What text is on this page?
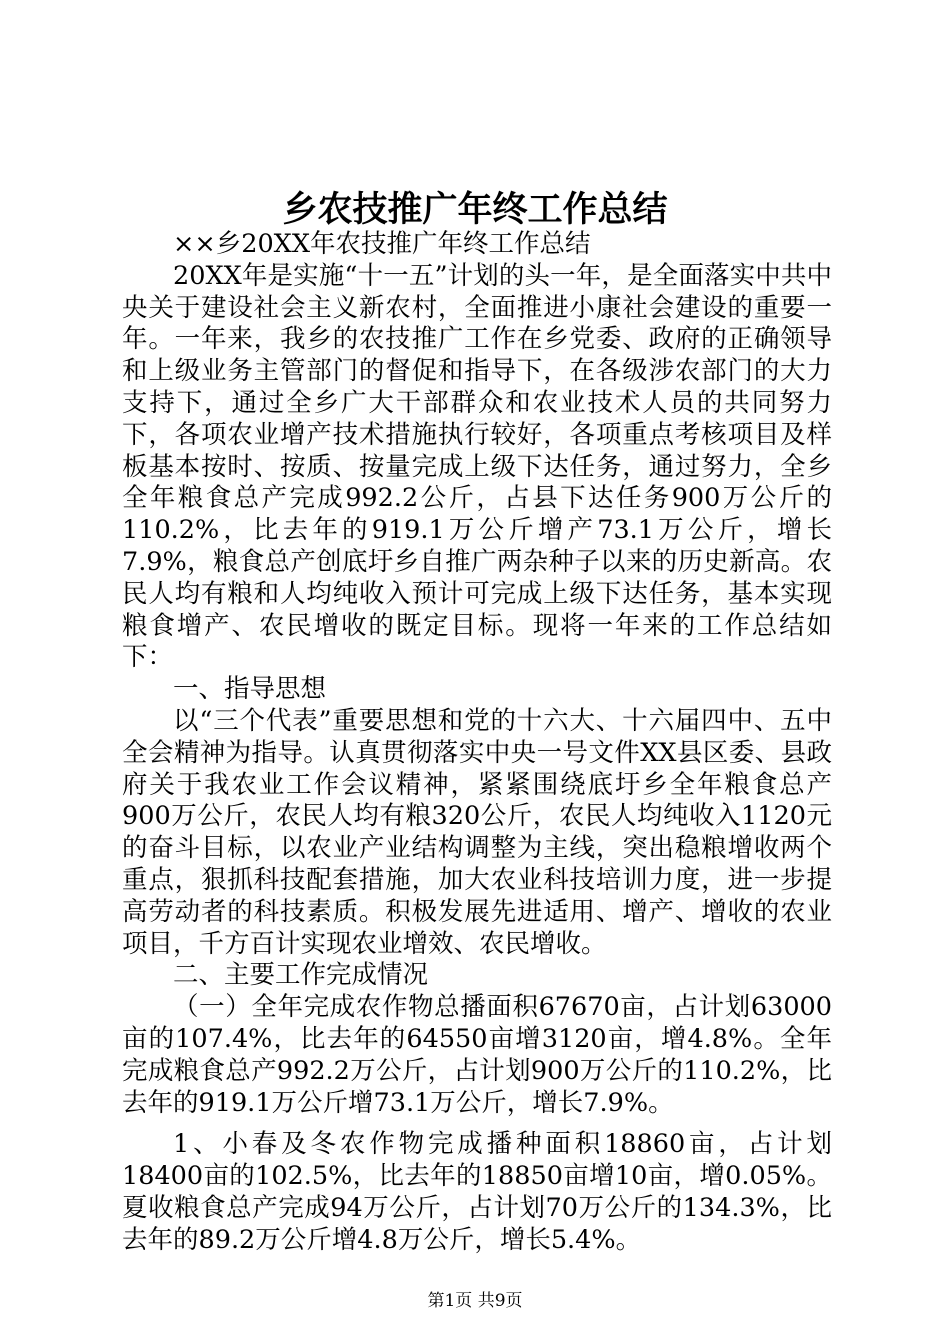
乡农技推广年终工作总结

××乡20XX年农技推广年终工作总结

20XX年是实施“十一五”计划的头一年，是全面落实中共中央关于建设社会主义新农村，全面推进小康社会建设的重要一年。一年来，我乡的农技推广工作在乡党委、政府的正确领导和上级业务主管部门的督促和指导下，在各级涉农部门的大力支持下，通过全乡广大干部群众和农业技术人员的共同努力下，各项农业增产技术措施执行较好，各项重点考核项目及样板基本按时、按质、按量完成上级下达任务，通过努力，全乡全年粮食总产完成992.2公斤，占县下达任务900万公斤的110.2%，比去年的919.1万公斤增产73.1万公斤，增长7.9%，粮食总产创底圩乡自推广两杂种子以来的历史新高。农民人均有粮和人均纯收入预计可完成上级下达任务，基本实现粮食增产、农民增收的既定目标。现将一年来的工作总结如下：

一、指导思想

以“三个代表”重要思想和党的十六大、十六届四中、五中全会精神为指导。认真贯彻落实中央一号文件XX县区委、县政府关于我农业工作会议精神，紧紧围绕底圩乡全年粮食总产900万公斤，农民人均有粮320公斤，农民人均纯收入1120元的奋斗目标，以农业产业结构调整为主线，突出稳粮增收两个重点，狠抓科技配套措施，加大农业科技培训力度，进一步提高劳动者的科技素质。积极发展先进适用、增产、增收的农业项目，千方百计实现农业增效、农民增收。

二、主要工作完成情况

（一）全年完成农作物总播面积67670亩，占计划63000亩的107.4%，比去年的64550亩增3120亩，增4.8%。全年完成粮食总产992.2万公斤，占计划900万公斤的110.2%，比去年的919.1万公斤增73.1万公斤，增长7.9%。

1、小春及冬农作物完成播种面积18860亩，占计划18400亩的102.5%，比去年的18850亩增10亩，增0.05%。夏收粮食总产完成94万公斤，占计划70万公斤的134.3%，比去年的89.2万公斤增4.8万公斤，增长5.4%。

第1页 共9页
